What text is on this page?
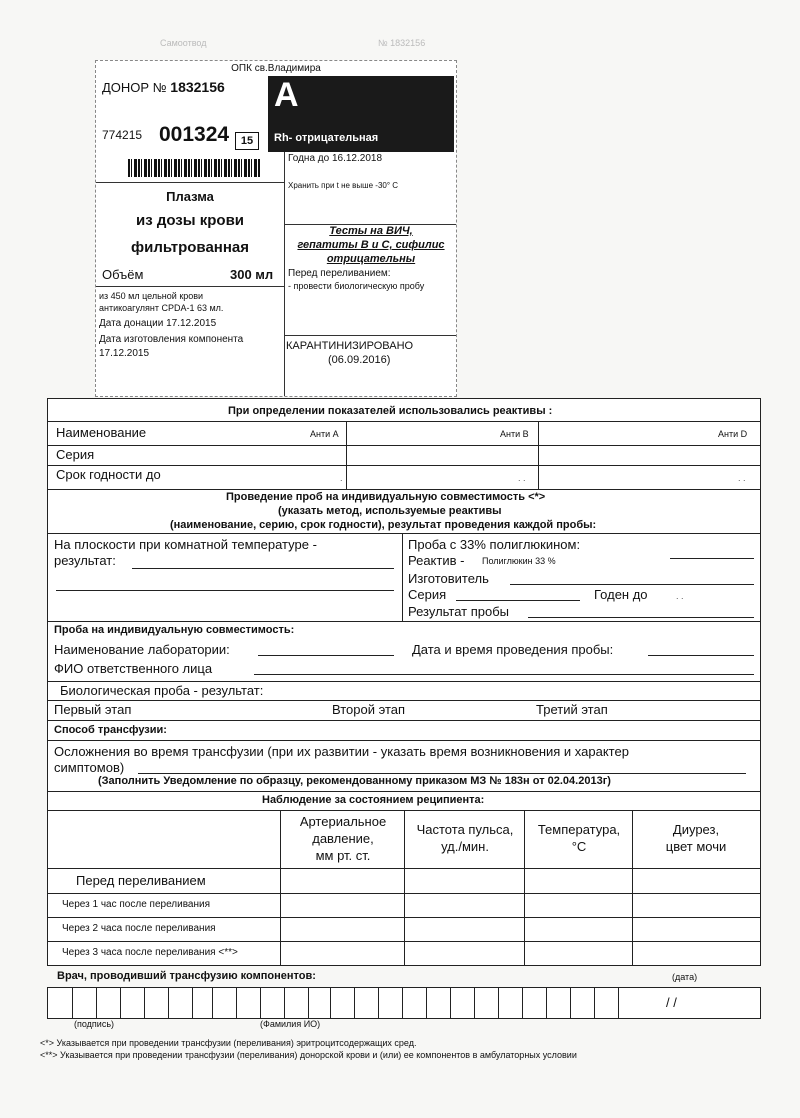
Самоотвод	№ 1832156
ОПК св.Владимира
ДОНОР № 1832156 A
Rh- отрицательная
774215 001324	15
Годна до 16.12.2018
Хранить при t не выше -30° С
Плазма
из дозы крови
фильтрованная
Объём	300 мл
из 450 мл цельной крови
антикоагулянт CPDA-1 63 мл.
Дата донации 17.12.2015
Дата изготовления компонента
17.12.2015
Тесты на ВИЧ,
гепатиты В и С, сифилис
отрицательны
Перед переливанием:
- провести биологическую пробу
КАРАНТИНИЗИРОВАНО
(06.09.2016)
При определении показателей использовались реактивы :
Наименование	Анти А	Анти В	Анти D
Серия
Срок годности до	.	. .	. .
Проведение проб на индивидуальную совместимость <*>
(указать метод, используемые реактивы
(наименование, серию, срок годности), результат проведения каждой пробы:
На плоскости при комнатной температуре -
результат:
Проба с 33% полиглюкином:
Реактив - Полиглюкин 33 %
Изготовитель
Серия	Годен до	. .
Результат пробы
Проба на индивидуальную совместимость:
Наименование лаборатории:	Дата и время проведения пробы:
ФИО ответственного лица
Биологическая проба - результат:
Первый этап	Второй этап	Третий этап
Способ трансфузии:
Осложнения во время трансфузии (при их развитии - указать время возникновения и характер
симптомов)
(Заполнить Уведомление по образцу, рекомендованному приказом МЗ № 183н от 02.04.2013г)
Наблюдение за состоянием реципиента:
Артериальное
давление,
мм рт. ст.
Частота пульса,
уд./мин.
Температура,
°С
Диурез,
цвет мочи
Перед переливанием
Через 1 час после переливания
Через 2 часа после переливания
Через 3 часа после переливания <**>
Врач, проводивший трансфузию компонентов:	(дата)
/ /
(подпись)	(Фамилия ИО)
<*> Указывается при проведении трансфузии (переливания) эритроцитсодержащих сред.
<**> Указывается при проведении трансфузии (переливания) донорской крови и (или) ее компонентов в амбулаторных условии
